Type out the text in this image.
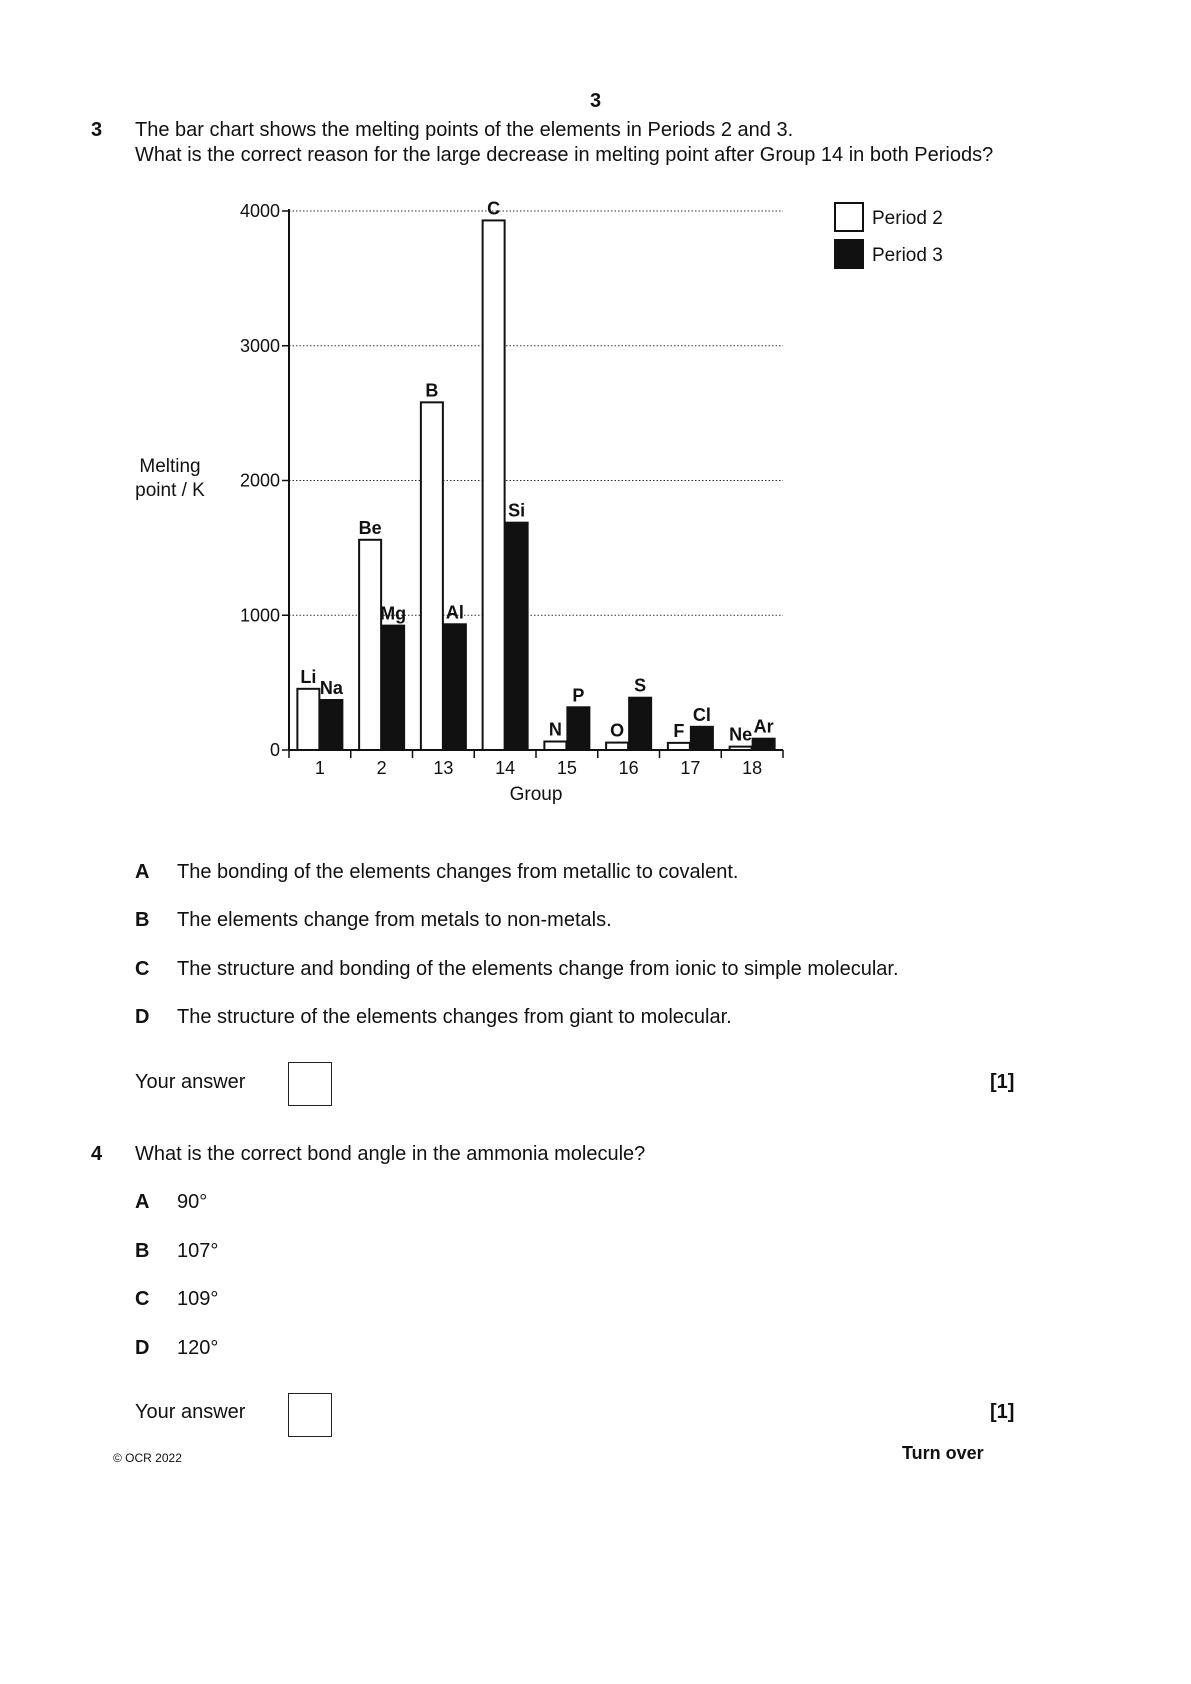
3
3 The bar chart shows the melting points of the elements in Periods 2 and 3.
What is the correct reason for the large decrease in melting point after Group 14 in both Periods?
0
1000
2000
3000
4000
Li
Be
B
C
N	O	F Ne
Na
Mg Al
Si
P	S
Cl
Ar
1	2	13 14 15 16 17 18
Group
Melting
point / K
Period 2
Period 3
A The bonding of the elements changes from metallic to covalent.
B The elements change from metals to non-metals.
C The structure and bonding of the elements change from ionic to simple molecular.
D The structure of the elements changes from giant to molecular.
Your answer	[1]
4 What is the correct bond angle in the ammonia molecule?
A 90°
B 107°
C 109°
D 120°
Your answer	[1]
© OCR 2022	Turn over
